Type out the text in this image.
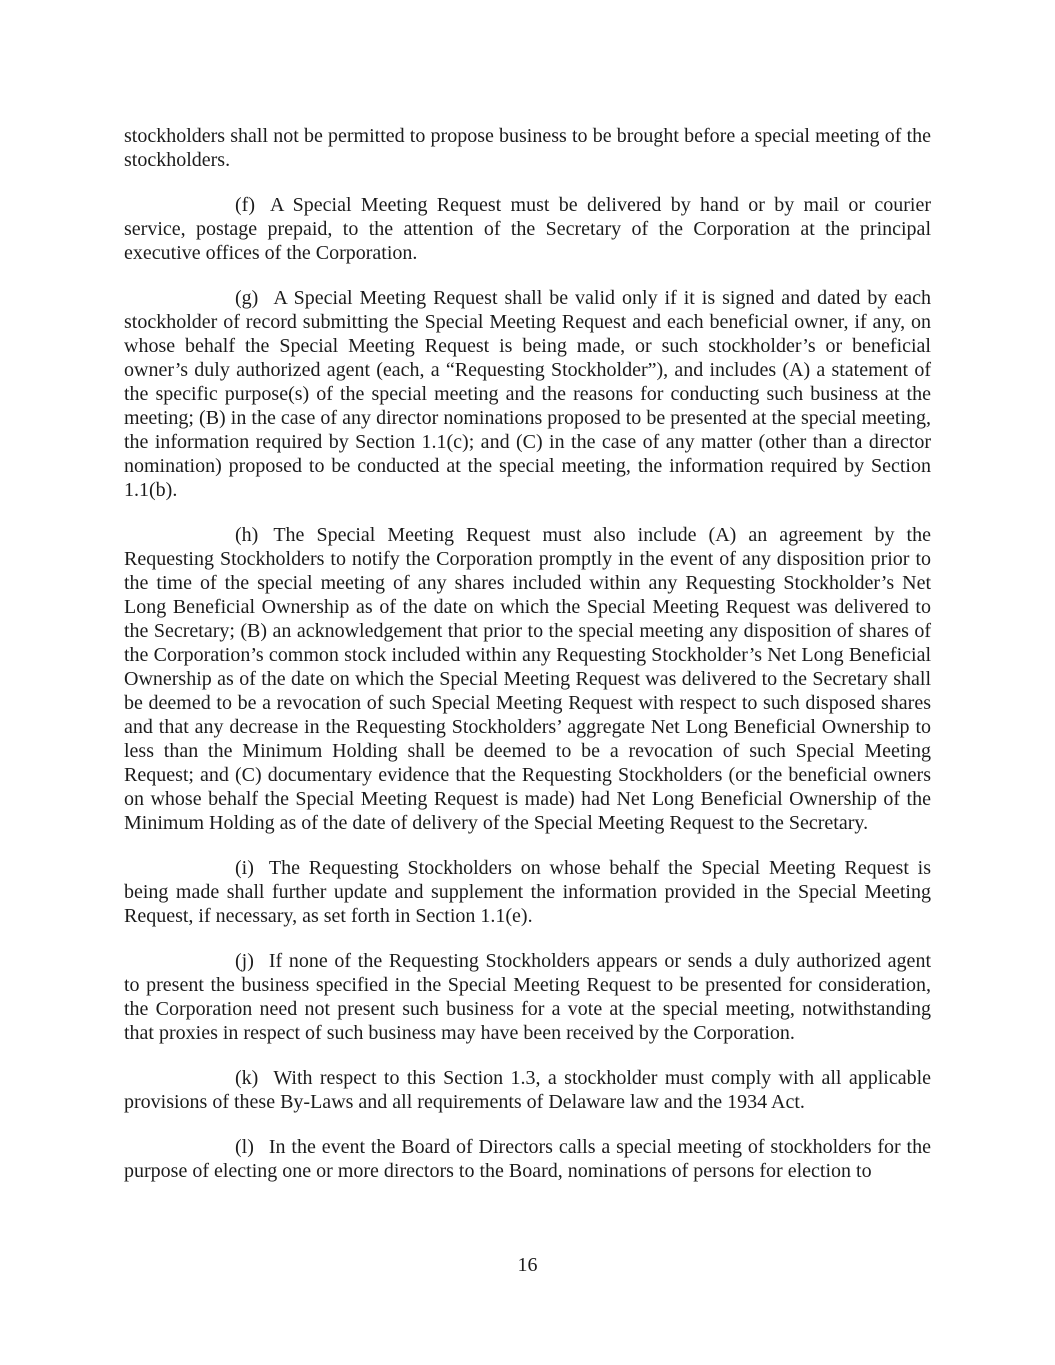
stockholders shall not be permitted to propose business to be brought before a special meeting of the stockholders.

(f) A Special Meeting Request must be delivered by hand or by mail or courier service, postage prepaid, to the attention of the Secretary of the Corporation at the principal executive offices of the Corporation.

(g) A Special Meeting Request shall be valid only if it is signed and dated by each stockholder of record submitting the Special Meeting Request and each beneficial owner, if any, on whose behalf the Special Meeting Request is being made, or such stockholder’s or beneficial owner’s duly authorized agent (each, a “Requesting Stockholder”), and includes (A) a statement of the specific purpose(s) of the special meeting and the reasons for conducting such business at the meeting; (B) in the case of any director nominations proposed to be presented at the special meeting, the information required by Section 1.1(c); and (C) in the case of any matter (other than a director nomination) proposed to be conducted at the special meeting, the information required by Section 1.1(b).

(h) The Special Meeting Request must also include (A) an agreement by the Requesting Stockholders to notify the Corporation promptly in the event of any disposition prior to the time of the special meeting of any shares included within any Requesting Stockholder’s Net Long Beneficial Ownership as of the date on which the Special Meeting Request was delivered to the Secretary; (B) an acknowledgement that prior to the special meeting any disposition of shares of the Corporation’s common stock included within any Requesting Stockholder’s Net Long Beneficial Ownership as of the date on which the Special Meeting Request was delivered to the Secretary shall be deemed to be a revocation of such Special Meeting Request with respect to such disposed shares and that any decrease in the Requesting Stockholders’ aggregate Net Long Beneficial Ownership to less than the Minimum Holding shall be deemed to be a revocation of such Special Meeting Request; and (C) documentary evidence that the Requesting Stockholders (or the beneficial owners on whose behalf the Special Meeting Request is made) had Net Long Beneficial Ownership of the Minimum Holding as of the date of delivery of the Special Meeting Request to the Secretary.

(i) The Requesting Stockholders on whose behalf the Special Meeting Request is being made shall further update and supplement the information provided in the Special Meeting Request, if necessary, as set forth in Section 1.1(e).

(j) If none of the Requesting Stockholders appears or sends a duly authorized agent to present the business specified in the Special Meeting Request to be presented for consideration, the Corporation need not present such business for a vote at the special meeting, notwithstanding that proxies in respect of such business may have been received by the Corporation.

(k) With respect to this Section 1.3, a stockholder must comply with all applicable provisions of these By-Laws and all requirements of Delaware law and the 1934 Act.

(l) In the event the Board of Directors calls a special meeting of stockholders for the purpose of electing one or more directors to the Board, nominations of persons for election to

16
